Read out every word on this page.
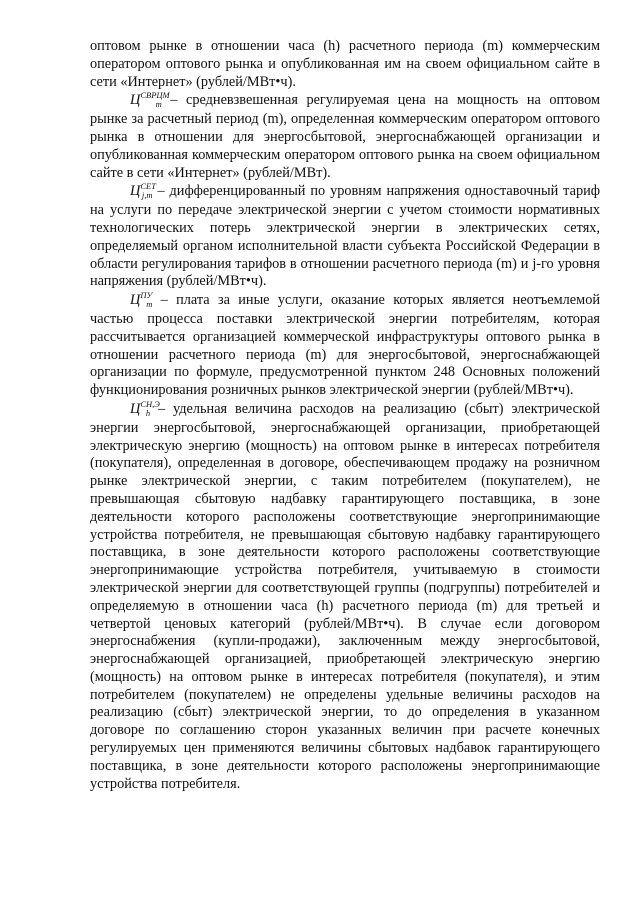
оптовом рынке в отношении часа (h) расчетного периода (m) коммерческим оператором оптового рынка и опубликованная им на своем официальном сайте в сети «Интернет» (рублей/МВт•ч).

$Ц^{СВРЦМ}_m$ – средневзвешенная регулируемая цена на мощность на оптовом рынке за расчетный период (m), определенная коммерческим оператором оптового рынка в отношении для энергосбытовой, энергоснабжающей организации и опубликованная коммерческим оператором оптового рынка на своем официальном сайте в сети «Интернет» (рублей/МВт).

$Ц^{СЕТ}_{j,m}$ – дифференцированный по уровням напряжения одноставочный тариф на услуги по передаче электрической энергии с учетом стоимости нормативных технологических потерь электрической энергии в электрических сетях, определяемый органом исполнительной власти субъекта Российской Федерации в области регулирования тарифов в отношении расчетного периода (m) и j-го уровня напряжения (рублей/МВт•ч).

$Ц^{ПУ}_m$ – плата за иные услуги, оказание которых является неотъемлемой частью процесса поставки электрической энергии потребителям, которая рассчитывается организацией коммерческой инфраструктуры оптового рынка в отношении расчетного периода (m) для энергосбытовой, энергоснабжающей организации по формуле, предусмотренной пунктом 248 Основных положений функционирования розничных рынков электрической энергии (рублей/МВт•ч).

$Ц^{СН,Э}_h$ – удельная величина расходов на реализацию (сбыт) электрической энергии энергосбытовой, энергоснабжающей организации, приобретающей электрическую энергию (мощность) на оптовом рынке в интересах потребителя (покупателя), определенная в договоре, обеспечивающем продажу на розничном рынке электрической энергии, с таким потребителем (покупателем), не превышающая сбытовую надбавку гарантирующего поставщика, в зоне деятельности которого расположены соответствующие энергопринимающие устройства потребителя, не превышающая сбытовую надбавку гарантирующего поставщика, в зоне деятельности которого расположены соответствующие энергопринимающие устройства потребителя, учитываемую в стоимости электрической энергии для соответствующей группы (подгруппы) потребителей и определяемую в отношении часа (h) расчетного периода (m) для третьей и четвертой ценовых категорий (рублей/МВт•ч). В случае если договором энергоснабжения (купли-продажи), заключенным между энергосбытовой, энергоснабжающей организацией, приобретающей электрическую энергию (мощность) на оптовом рынке в интересах потребителя (покупателя), и этим потребителем (покупателем) не определены удельные величины расходов на реализацию (сбыт) электрической энергии, то до определения в указанном договоре по соглашению сторон указанных величин при расчете конечных регулируемых цен применяются величины сбытовых надбавок гарантирующего поставщика, в зоне деятельности которого расположены энергопринимающие устройства потребителя.
